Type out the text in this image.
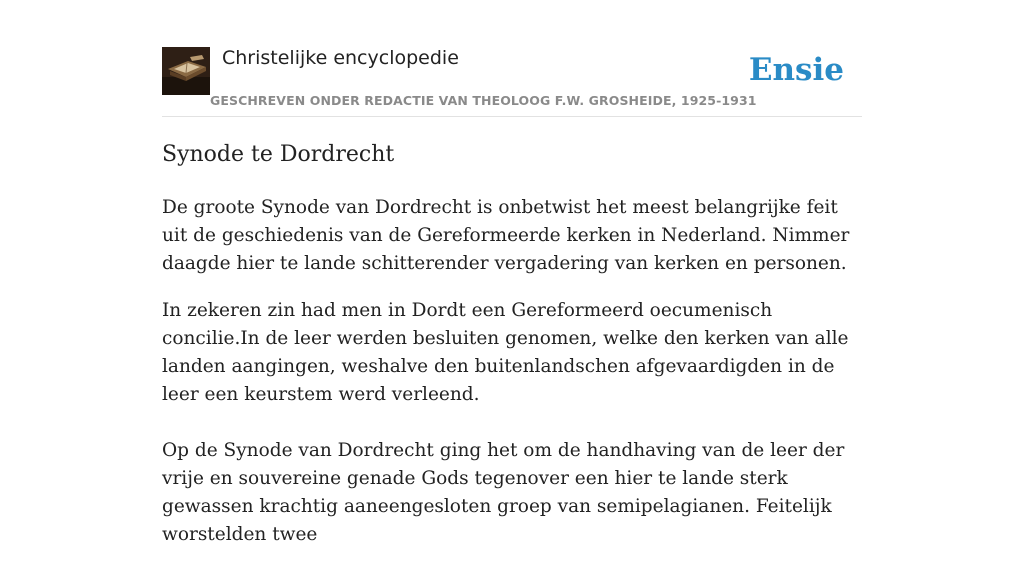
Christelijke encyclopedie
GESCHREVEN ONDER REDACTIE VAN THEOLOOG F.W. GROSHEIDE, 1925-1931
Ensie
Synode te Dordrecht

De groote Synode van Dordrecht is onbetwist het meest belangrijke feit uit de geschiedenis van de Gereformeerde kerken in Nederland. Nimmer daagde hier te lande schitterender vergadering van kerken en personen.

In zekeren zin had men in Dordt een Gereformeerd oecumenisch concilie.In de leer werden besluiten genomen, welke den kerken van alle landen aangingen, weshalve den buitenlandschen afgevaardigden in de leer een keurstem werd verleend.

Op de Synode van Dordrecht ging het om de handhaving van de leer der vrije en souvereine genade Gods tegenover een hier te lande sterk gewassen krachtig aaneengesloten groep van semipelagianen. Feitelijk worstelden twee
